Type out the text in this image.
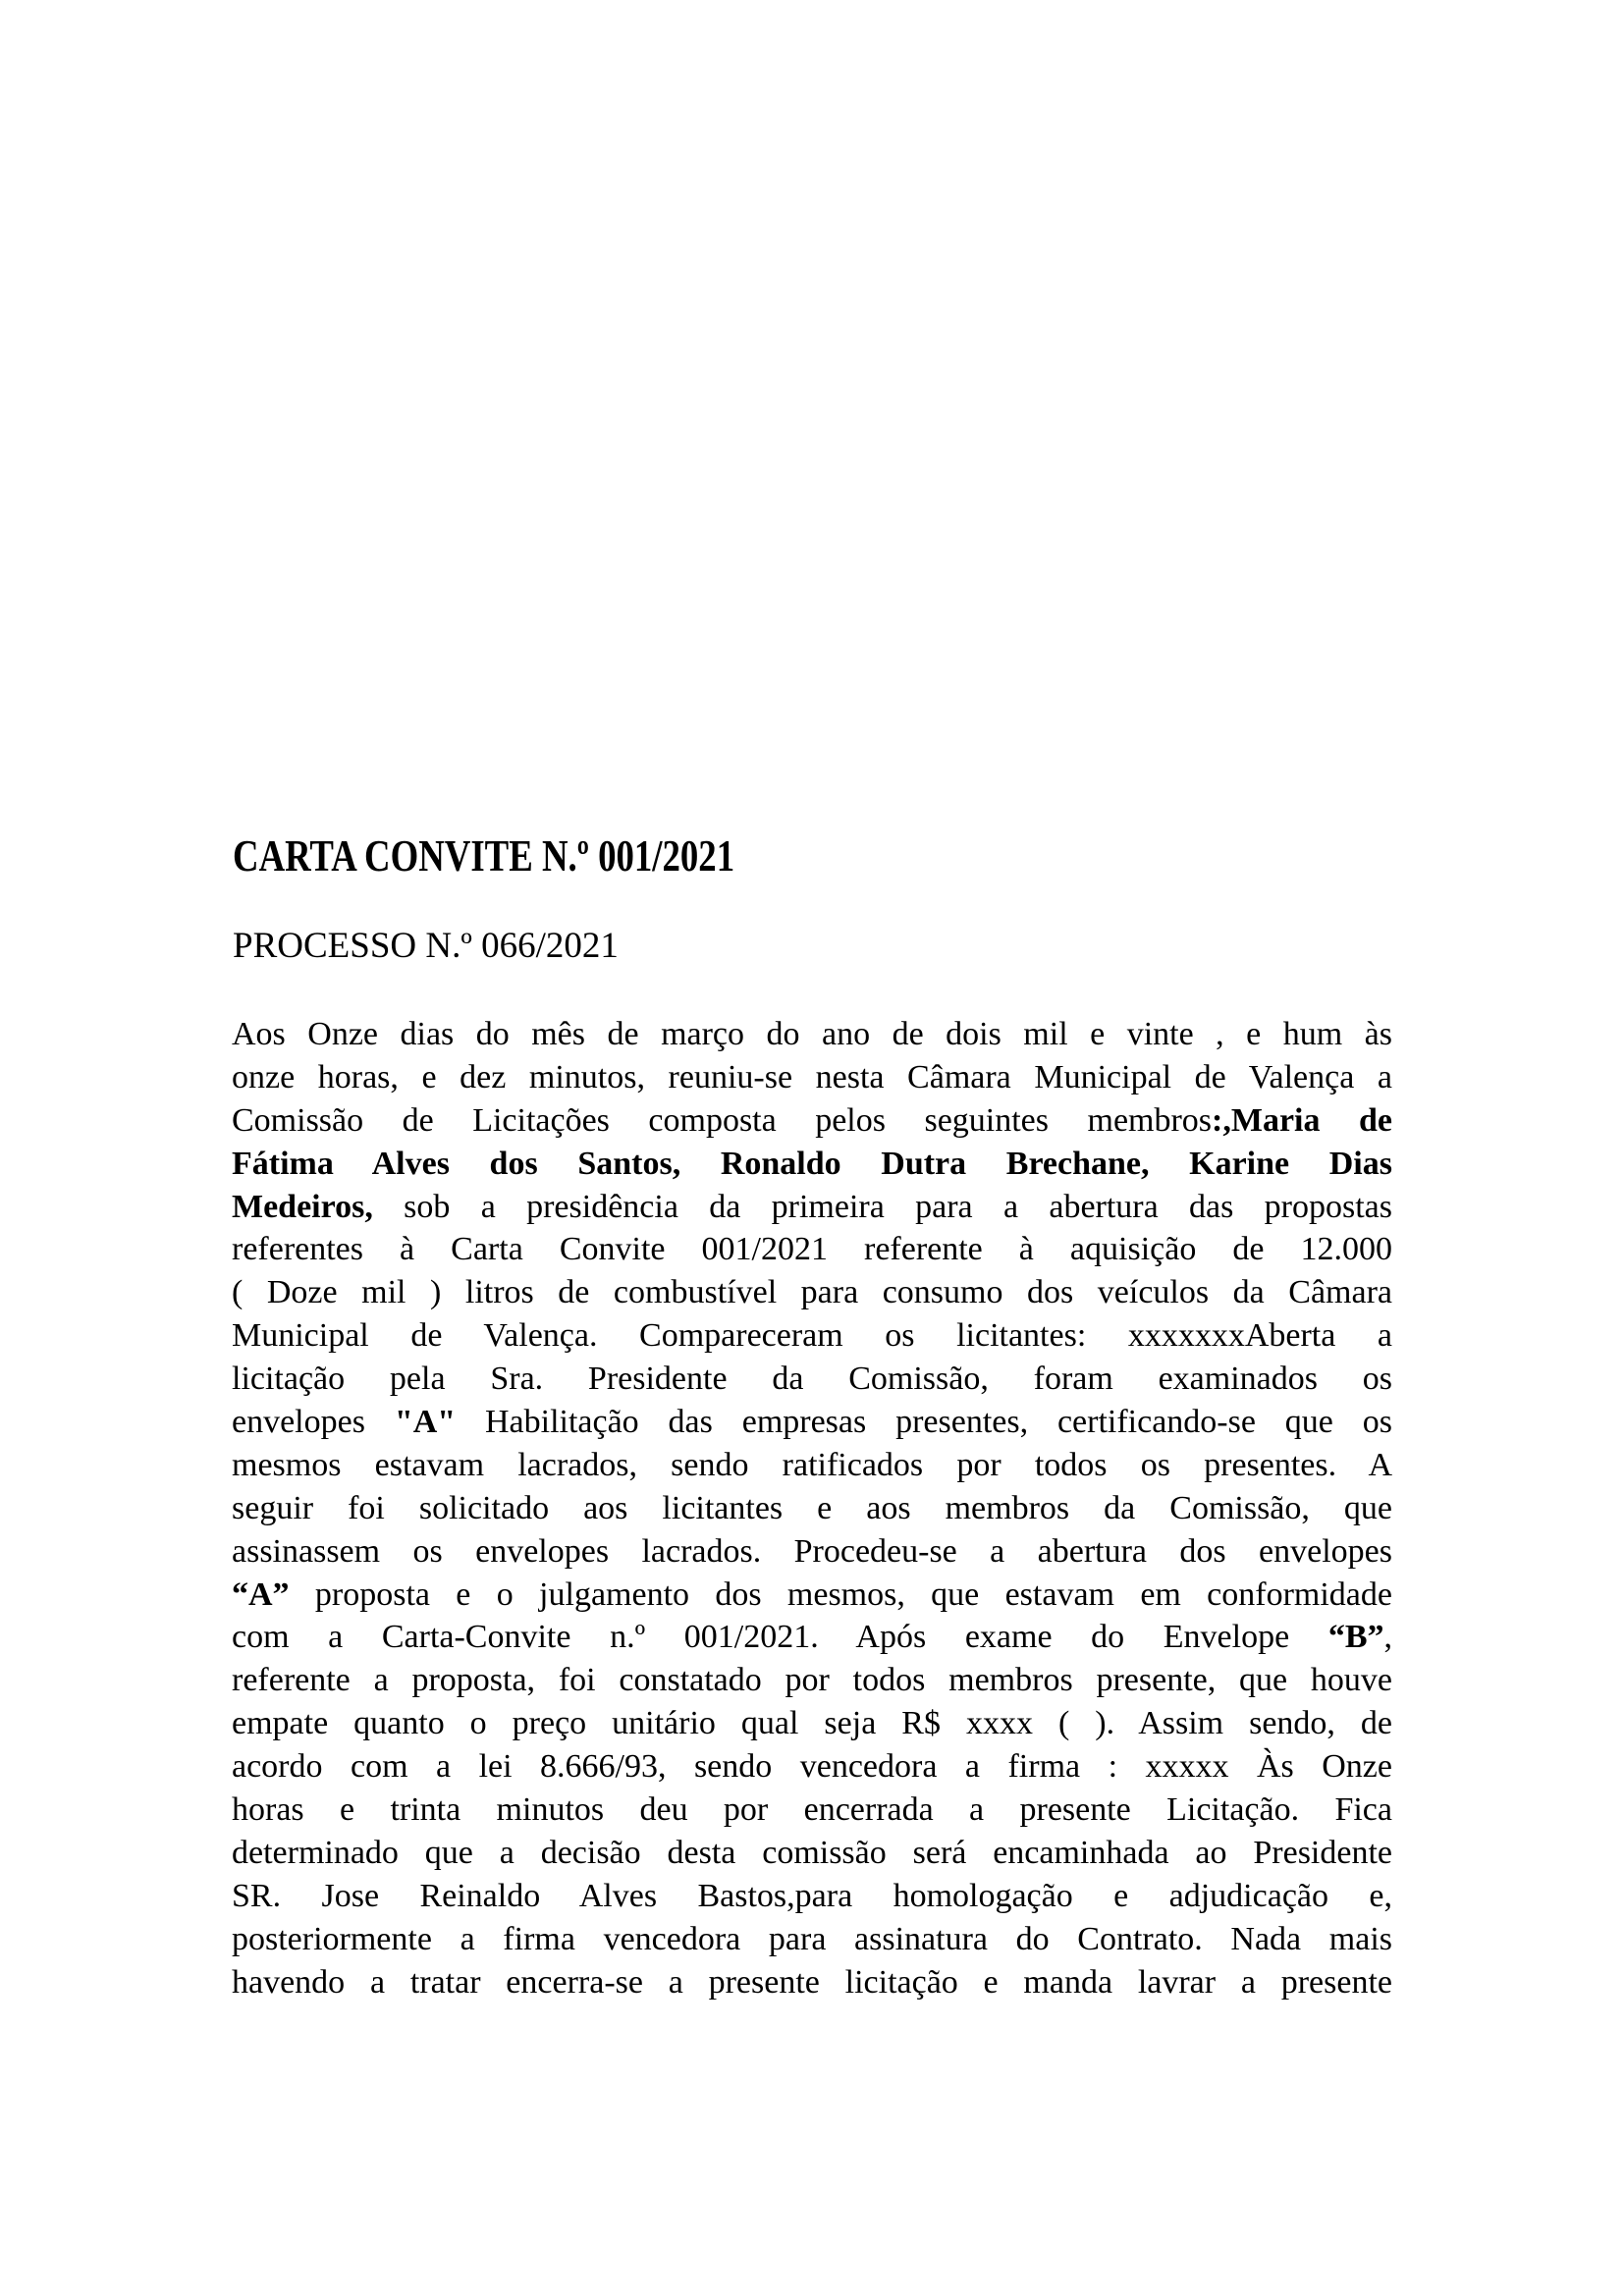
CARTA CONVITE N.º 001/2021
PROCESSO N.º 066/2021
Aos Onze dias do mês de março do ano de dois mil e vinte , e hum às
onze horas, e dez minutos, reuniu-se nesta Câmara Municipal de Valença a
Comissão de Licitações composta pelos seguintes membros:,Maria de
Fátima Alves dos Santos, Ronaldo Dutra Brechane, Karine Dias
Medeiros, sob a presidência da primeira para a abertura das propostas
referentes à Carta Convite 001/2021 referente à aquisição de 12.000
( Doze mil ) litros de combustível para consumo dos veículos da Câmara
Municipal de Valença. Compareceram os licitantes: xxxxxxxAberta a
licitação pela Sra. Presidente da Comissão, foram examinados os
envelopes "A" Habilitação das empresas presentes, certificando-se que os
mesmos estavam lacrados, sendo ratificados por todos os presentes. A
seguir foi solicitado aos licitantes e aos membros da Comissão, que
assinassem os envelopes lacrados. Procedeu-se a abertura dos envelopes
“A” proposta e o julgamento dos mesmos, que estavam em conformidade
com a Carta-Convite n.º 001/2021. Após exame do Envelope “B”,
referente a proposta, foi constatado por todos membros presente, que houve
empate quanto o preço unitário qual seja R$ xxxx ( ). Assim sendo, de
acordo com a lei 8.666/93, sendo vencedora a firma : xxxxx Às Onze
horas e trinta minutos deu por encerrada a presente Licitação. Fica
determinado que a decisão desta comissão será encaminhada ao Presidente
SR. Jose Reinaldo Alves Bastos,para homologação e adjudicação e,
posteriormente a firma vencedora para assinatura do Contrato. Nada mais
havendo a tratar encerra-se a presente licitação e manda lavrar a presente
